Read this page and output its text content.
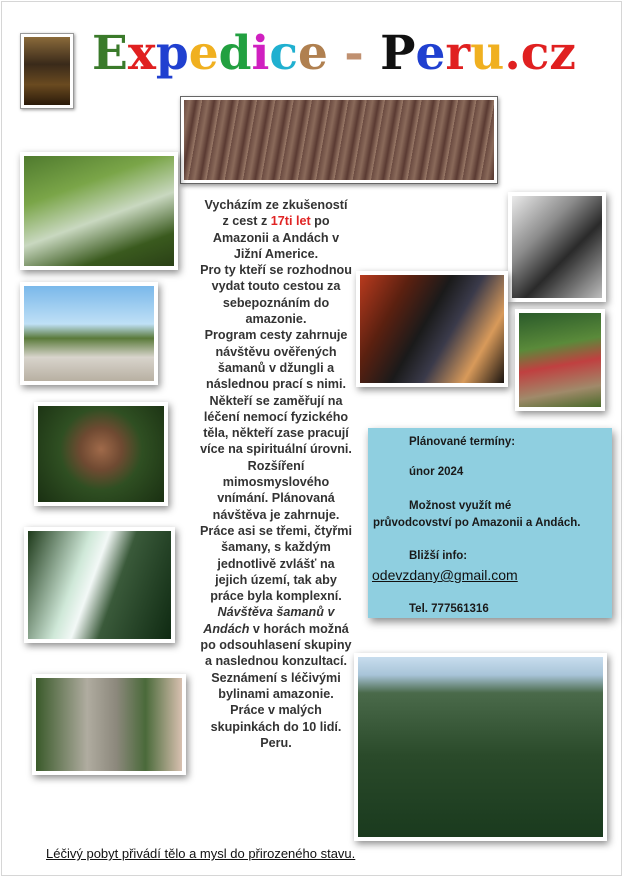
Expedice - Peru.cz
Vycházím ze zkušeností z cest z 17ti let po Amazonii a Andách v Jižní Americe.
Pro ty kteří se rozhodnou vydat touto cestou za sebepoznáním do amazonie.
Program cesty zahrnuje návštěvu ověřených šamanů v džungli a následnou prací s nimi. Někteří se zaměřují na léčení nemocí fyzického těla, někteří zase pracují více na spirituální úrovni.
Rozšíření mimosmyslového vnímání. Plánovaná návštěva je zahrnuje. Práce asi se třemi, čtyřmi šamany, s každým jednotlivě zvlášť na jejich území, tak aby práce byla komplexní. Návštěva šamanů v Andách v horách možná po odsouhlasení skupiny a naslednou konzultací. Seznámení s léčivými bylinami amazonie. Práce v malých skupinkách do 10 lidí. Peru.
Plánované termíny:
únor 2024
Možnost využít mé
průvodcovství po Amazonii a Andách.
Bližší info:
odevzdany@gmail.com
Tel. 777561316
Léčivý pobyt přivádí tělo a mysl do přirozeného stavu.
